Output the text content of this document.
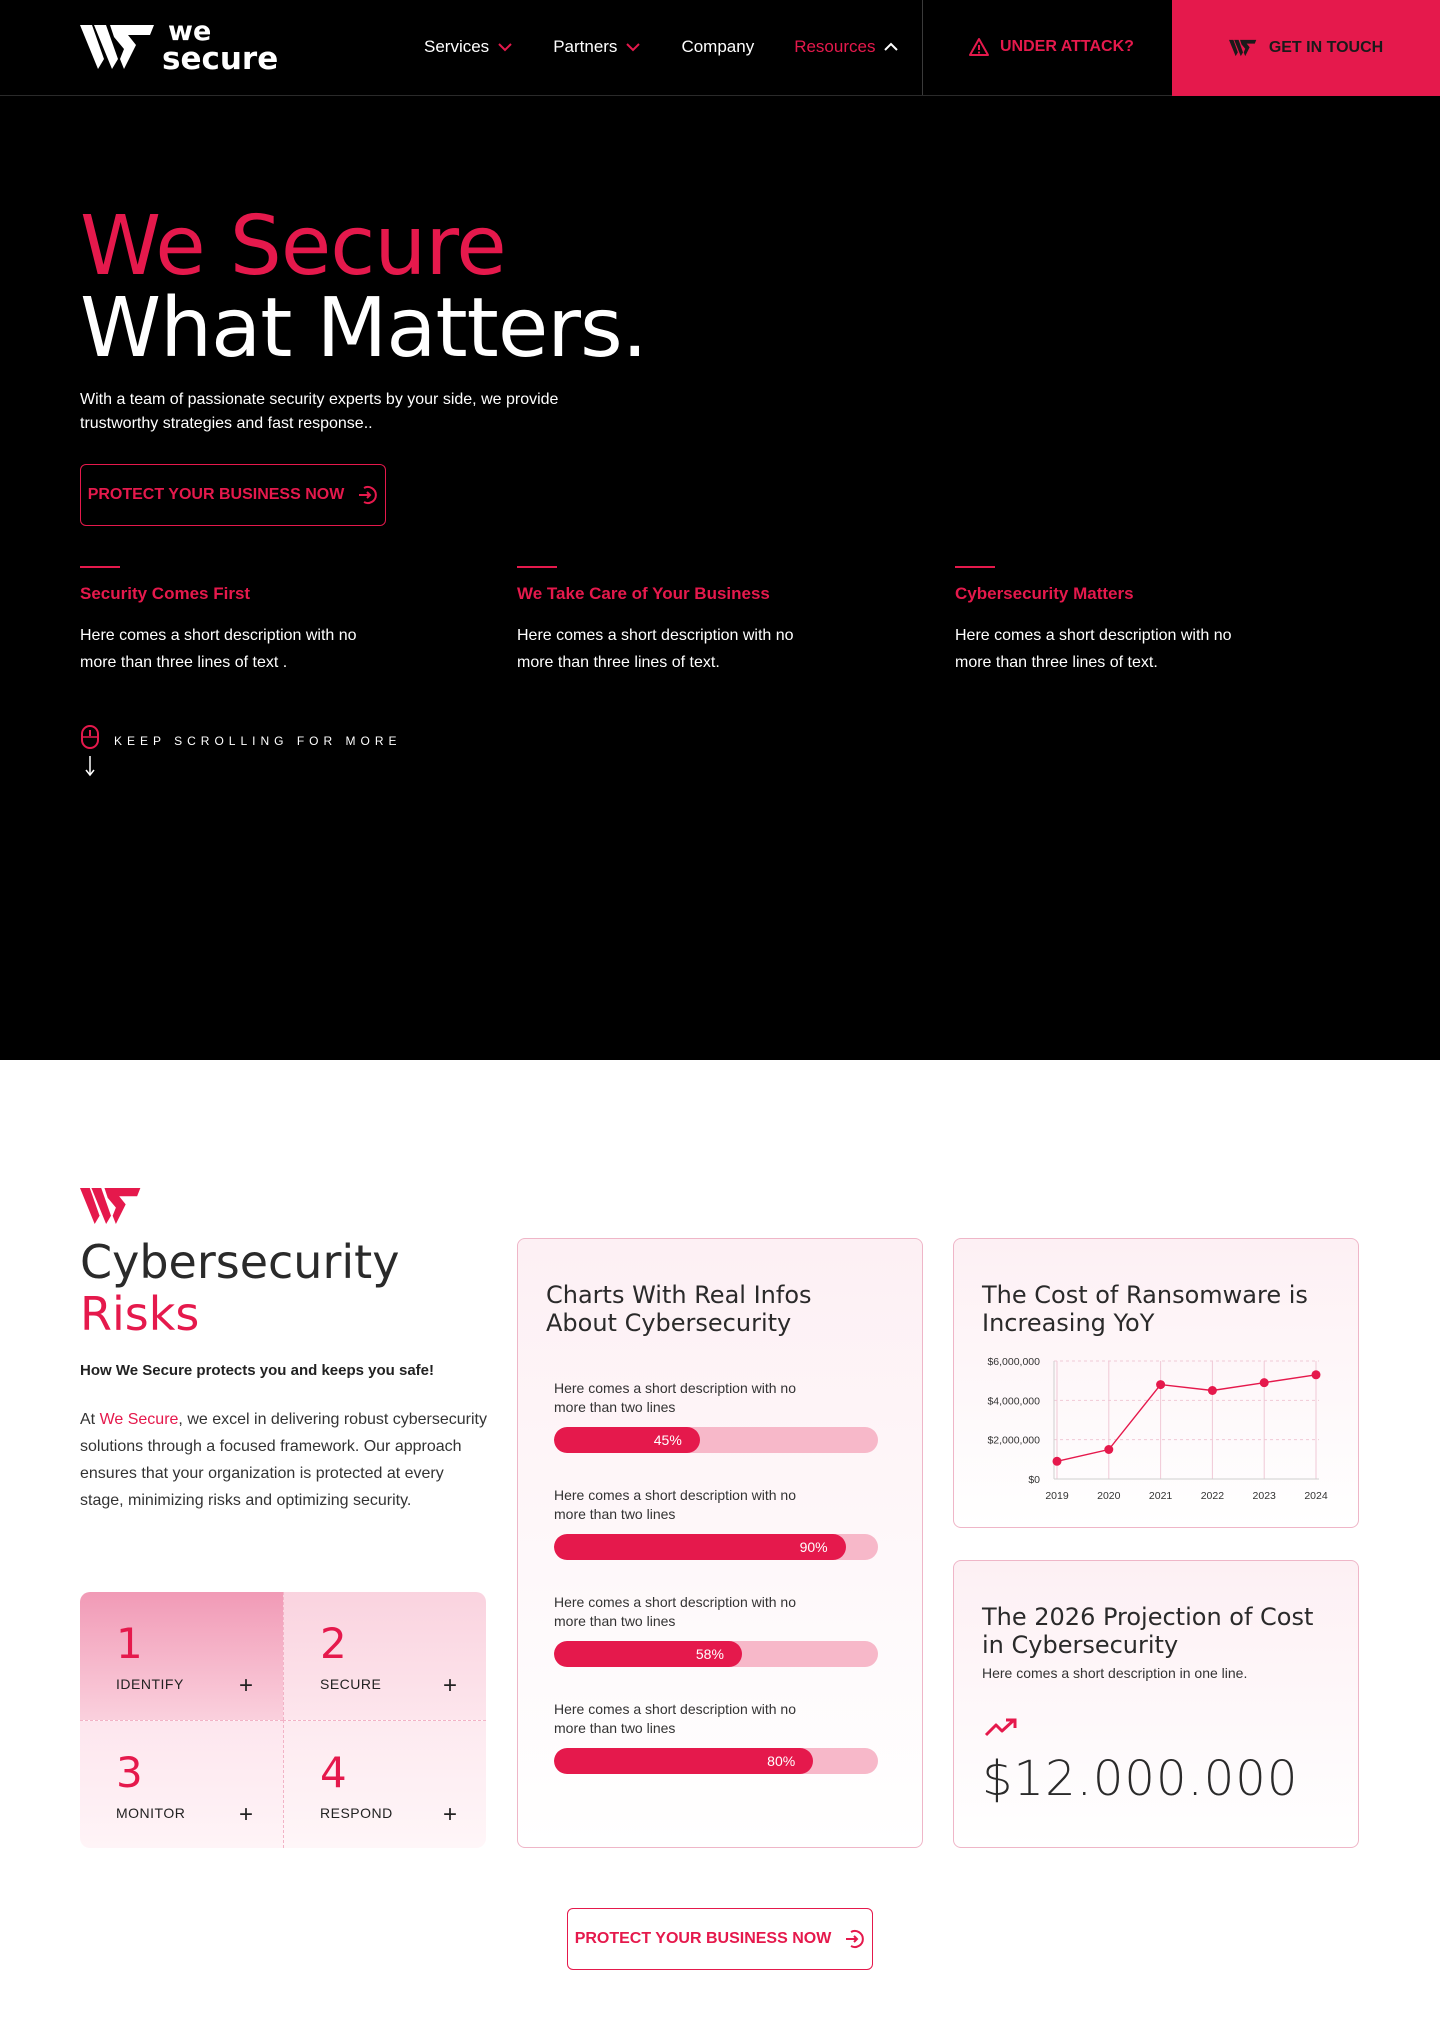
we
secure	Services	Partners	Company Resources	UNDER ATTACK?	GET IN TOUCH
We Secure
What Matters.

With a team of passionate security experts by your side, we provide trustworthy strategies and fast response..

PROTECT YOUR BUSINESS NOW
Security Comes First
Here comes a short description with no more than three lines of text .
We Take Care of Your Business
Here comes a short description with no more than three lines of text.
Cybersecurity Matters
Here comes a short description with no more than three lines of text.
KEEP SCROLLING FOR MORE
Cybersecurity
Risks
How We Secure protects you and keeps you safe!

At We Secure, we excel in delivering robust cybersecurity solutions through a focused framework. Our approach ensures that your organization is protected at every stage, minimizing risks and optimizing security.

1
IDENTIFY	+
2
SECURE	+
3
MONITOR	+
4
RESPOND	+
Charts With Real Infos About Cybersecurity
Here comes a short description with no more than two lines
45%
Here comes a short description with no more than two lines
90%
Here comes a short description with no more than two lines
58%
Here comes a short description with no more than two lines
80%
The Cost of Ransomware is Increasing YoY
$0
$2,000,000
$4,000,000
$6,000,000
2019	2020	2021	2022	2023	2024
The 2026 Projection of Cost in Cybersecurity
Here comes a short description in one line.
$12.000.000
PROTECT YOUR BUSINESS NOW
